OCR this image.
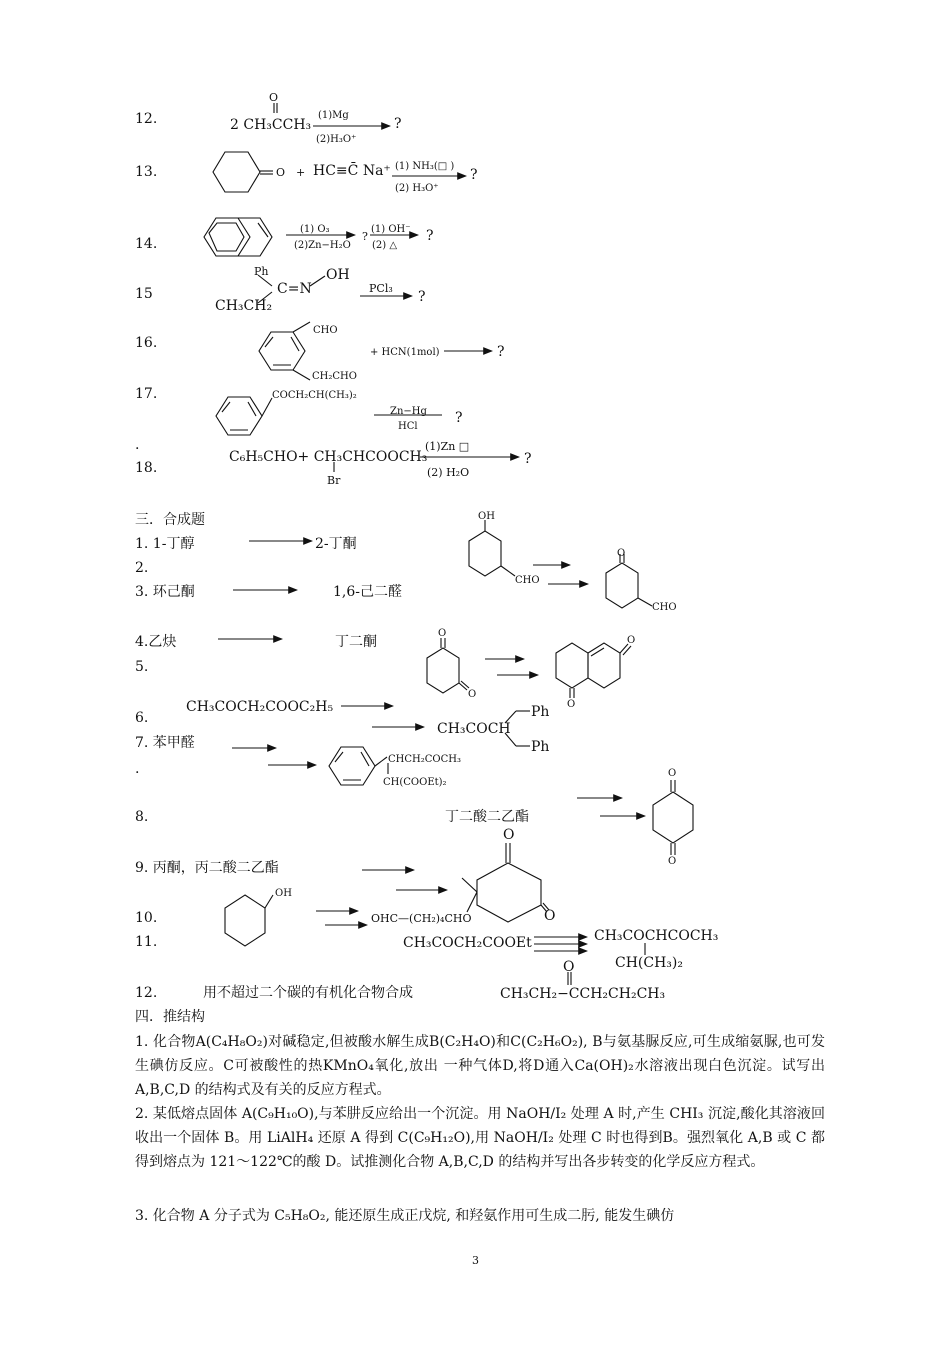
12.
O
2 CH₃CCH₃
(1)Mg
(2)H₃O⁺
?
13.	O + HC≡C̄ Na⁺ (1) NH₃(□ )
(2) H₃O⁺
?
14.
(1) O₃
(2)Zn−H₂O
?
(1) OH⁻
(2) △
?
15
Ph
C=N
OH
CH₃CH₂
PCl₃
?
16.
CHO
CH₂CHO
+ HCN(1mol)	?
17.	COCH₂CH(CH₃)₂
Zn−Hg
HCl
?
.
18.
C₆H₅CHO+ CH₃CHCOOCH₃
Br
(1)Zn □
(2) H₂O
?
三．合成题
1. 1-丁醇	2-丁酮
2.
OH
CHO
O
CHO
3. 环己酮	1,6-己二醛
4.乙炔	丁二酮
5.
O
O
O
O
6.
CH₃COCH₂COOC₂H₅
CH₃COCH
Ph
Ph
7. 苯甲醛
.
CHCH₂COCH₃
CH(COOEt)₂
8.	丁二酸二乙酯
O
O
9. 丙酮，丙二酸二乙酯
O
O
10.
OH
OHC—(CH₂)₄CHO
11.	CH₃COCH₂COOEt	CH₃COCHCOCH₃
CH(CH₃)₂
12.	用不超过二个碳的有机化合物合成
O
CH₃CH₂−CCH₂CH₂CH₃
四．推结构
1. 化合物A(C₄H₈O₂)对碱稳定,但被酸水解生成B(C₂H₄O)和C(C₂H₆O₂), B与氨基脲反应,可生成缩氨脲,也可发生碘仿反应。C可被酸性的热KMnO₄氧化,放出 一种气体D,将D通入Ca(OH)₂水溶液出现白色沉淀。试写出 A,B,C,D 的结构式及有关的反应方程式。
2. 某低熔点固体 A(C₉H₁₀O),与苯肼反应给出一个沉淀。用 NaOH/I₂ 处理 A 时,产生 CHI₃ 沉淀,酸化其溶液回收出一个固体 B。用 LiAlH₄ 还原 A 得到 C(C₉H₁₂O),用 NaOH/I₂ 处理 C 时也得到B。强烈氧化 A,B 或 C 都得到熔点为 121～122℃的酸 D。试推测化合物 A,B,C,D 的结构并写出各步转变的化学反应方程式。
3. 化合物 A 分子式为 C₅H₈O₂, 能还原生成正戊烷, 和羟氨作用可生成二肟, 能发生碘仿
3
